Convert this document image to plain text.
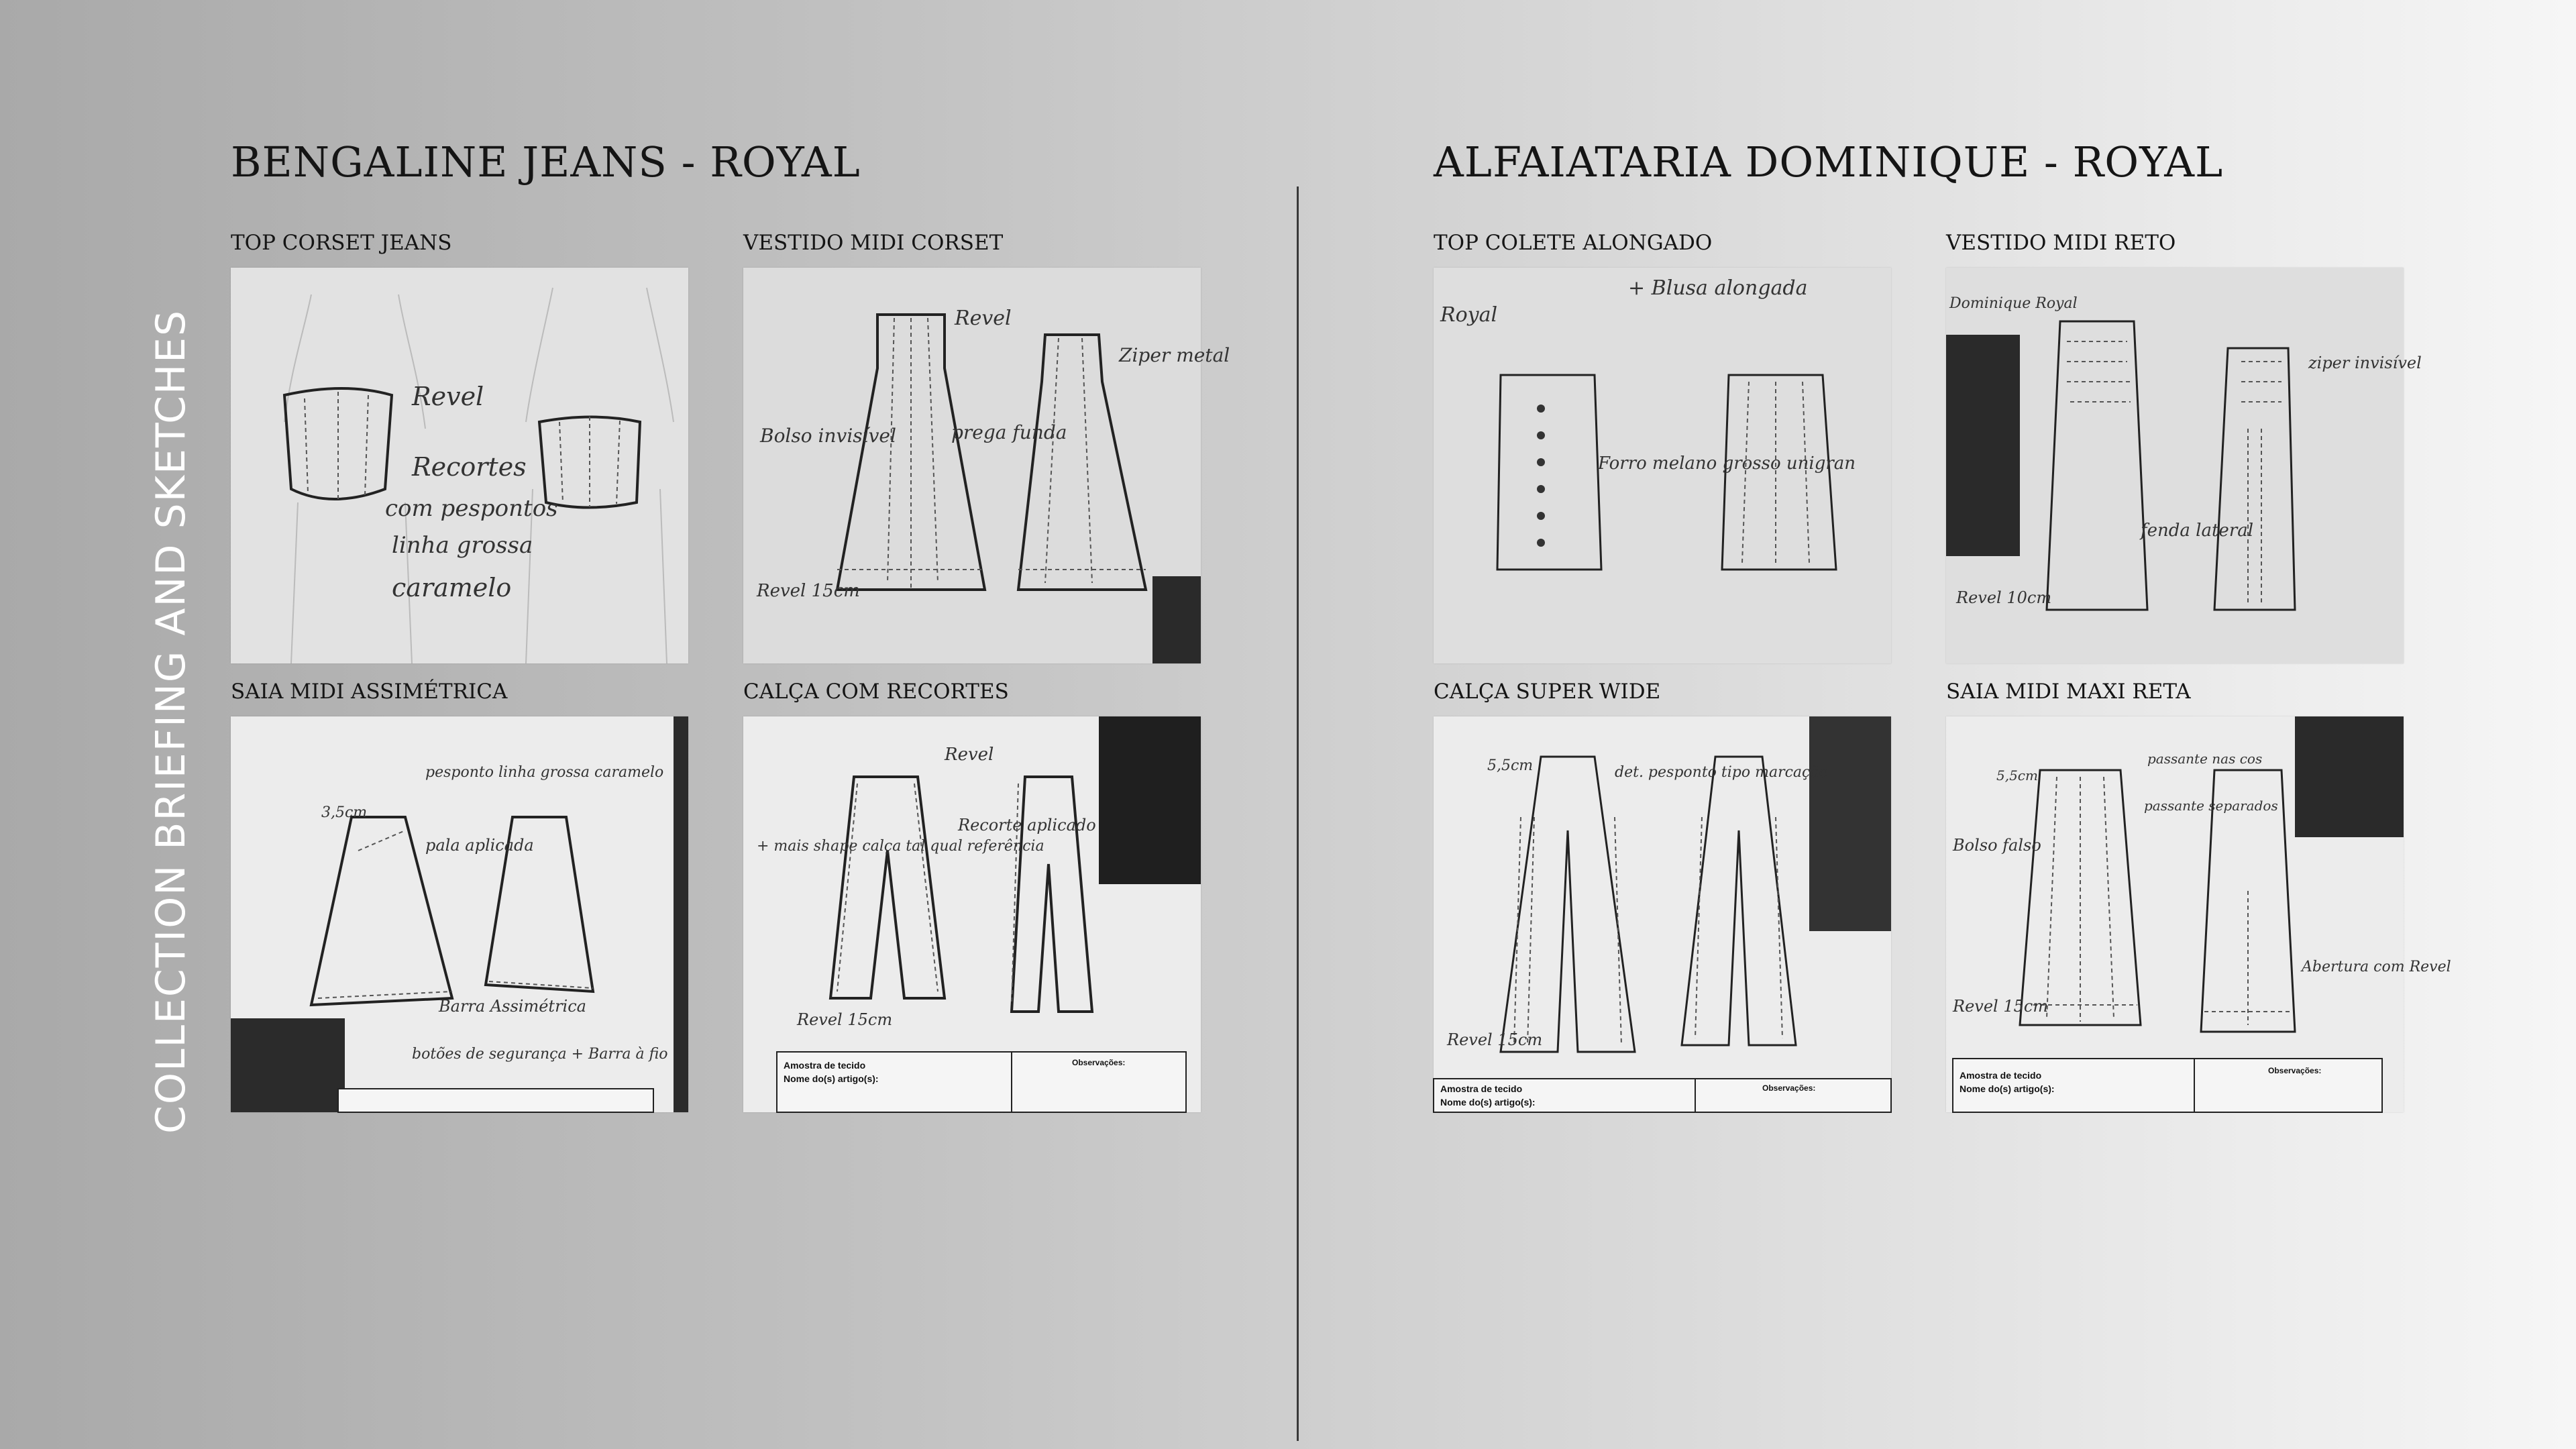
COLLECTION BRIEFING AND SKETCHES
BENGALINE JEANS - ROYAL
TOP CORSET JEANS
Revel
Recortes
com pespontos
linha grossa
caramelo
VESTIDO MIDI CORSET
Revel
Bolso invisível	prega funda
Ziper metal
Revel 15cm
SAIA MIDI ASSIMÉTRICA
pesponto linha grossa caramelo
3,5cm
pala aplicada
Barra Assimétrica
botões de segurança + Barra à fio
CALÇA COM RECORTES
Amostra de tecido
Nome do(s) artigo(s):
Observações:
Revel
+ mais shape calça tal qual referência
Recorte aplicado
Revel 15cm
ALFAIATARIA DOMINIQUE - ROYAL
TOP COLETE ALONGADO
Royal
+ Blusa alongada
Forro melano grosso unigran
VESTIDO MIDI RETO
Dominique Royal
ziper invisível
fenda lateral
Revel 10cm
CALÇA SUPER WIDE
Amostra de tecido
Nome do(s) artigo(s):
Observações:
5,5cm	det. pesponto tipo marcação
Revel 15cm
SAIA MIDI MAXI RETA
Amostra de tecido
Nome do(s) artigo(s):
Observações:
5,5cm
passante nas cos
passante separados
Bolso falso
Abertura com Revel
Revel 15cm
